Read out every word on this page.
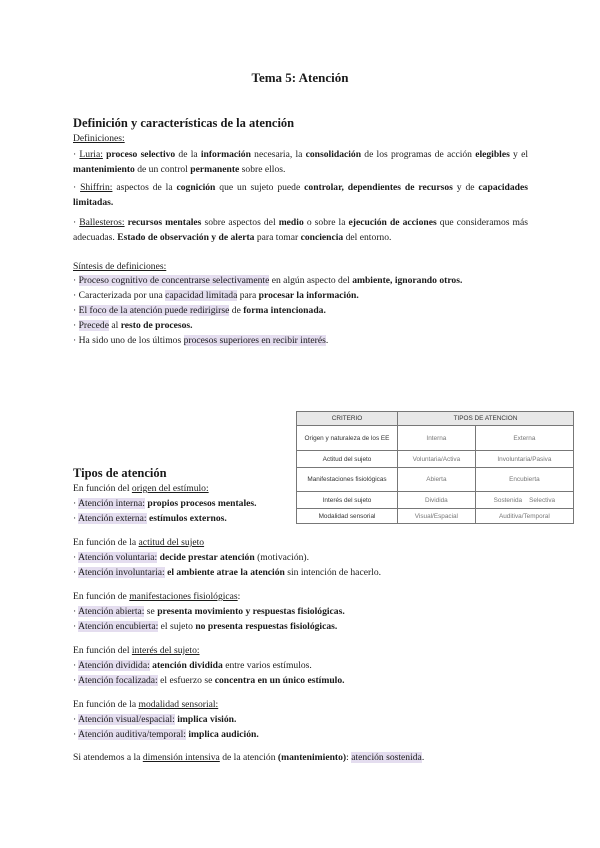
Tema 5: Atención
Definición y características de la atención
Definiciones:
· Luria: proceso selectivo de la información necesaria, la consolidación de los programas de acción elegibles y el mantenimiento de un control permanente sobre ellos.
· Shiffrin: aspectos de la cognición que un sujeto puede controlar, dependientes de recursos y de capacidades limitadas.
· Ballesteros: recursos mentales sobre aspectos del medio o sobre la ejecución de acciones que consideramos más adecuadas. Estado de observación y de alerta para tomar conciencia del entorno.
Síntesis de definiciones:
· Proceso cognitivo de concentrarse selectivamente en algún aspecto del ambiente, ignorando otros.
· Caracterizada por una capacidad limitada para procesar la información.
· El foco de la atención puede redirigirse de forma intencionada.
· Precede al resto de procesos.
· Ha sido uno de los últimos procesos superiores en recibir interés.
CRITERIO	TIPOS DE ATENCION	
Origen y naturaleza de los EE	Interna	Externa
Actitud del sujeto	Voluntaria/Activa	Involuntaria/Pasiva
Manifestaciones fisiológicas	Abierta	Encubierta
Interés del sujeto	Dividida	Sostenida    Selectiva
Modalidad sensorial	Visual/Espacial	Auditiva/Temporal
Tipos de atención
En función del origen del estímulo:
· Atención interna: propios procesos mentales.
· Atención externa: estímulos externos.
En función de la actitud del sujeto
· Atención voluntaria: decide prestar atención (motivación).
· Atención involuntaria: el ambiente atrae la atención sin intención de hacerlo.
En función de manifestaciones fisiológicas:
· Atención abierta: se presenta movimiento y respuestas fisiológicas.
· Atención encubierta: el sujeto no presenta respuestas fisiológicas.
En función del interés del sujeto:
· Atención dividida: atención dividida entre varios estímulos.
· Atención focalizada: el esfuerzo se concentra en un único estímulo.
En función de la modalidad sensorial:
· Atención visual/espacial: implica visión.
· Atención auditiva/temporal: implica audición.
Si atendemos a la dimensión intensiva de la atención (mantenimiento): atención sostenida.
